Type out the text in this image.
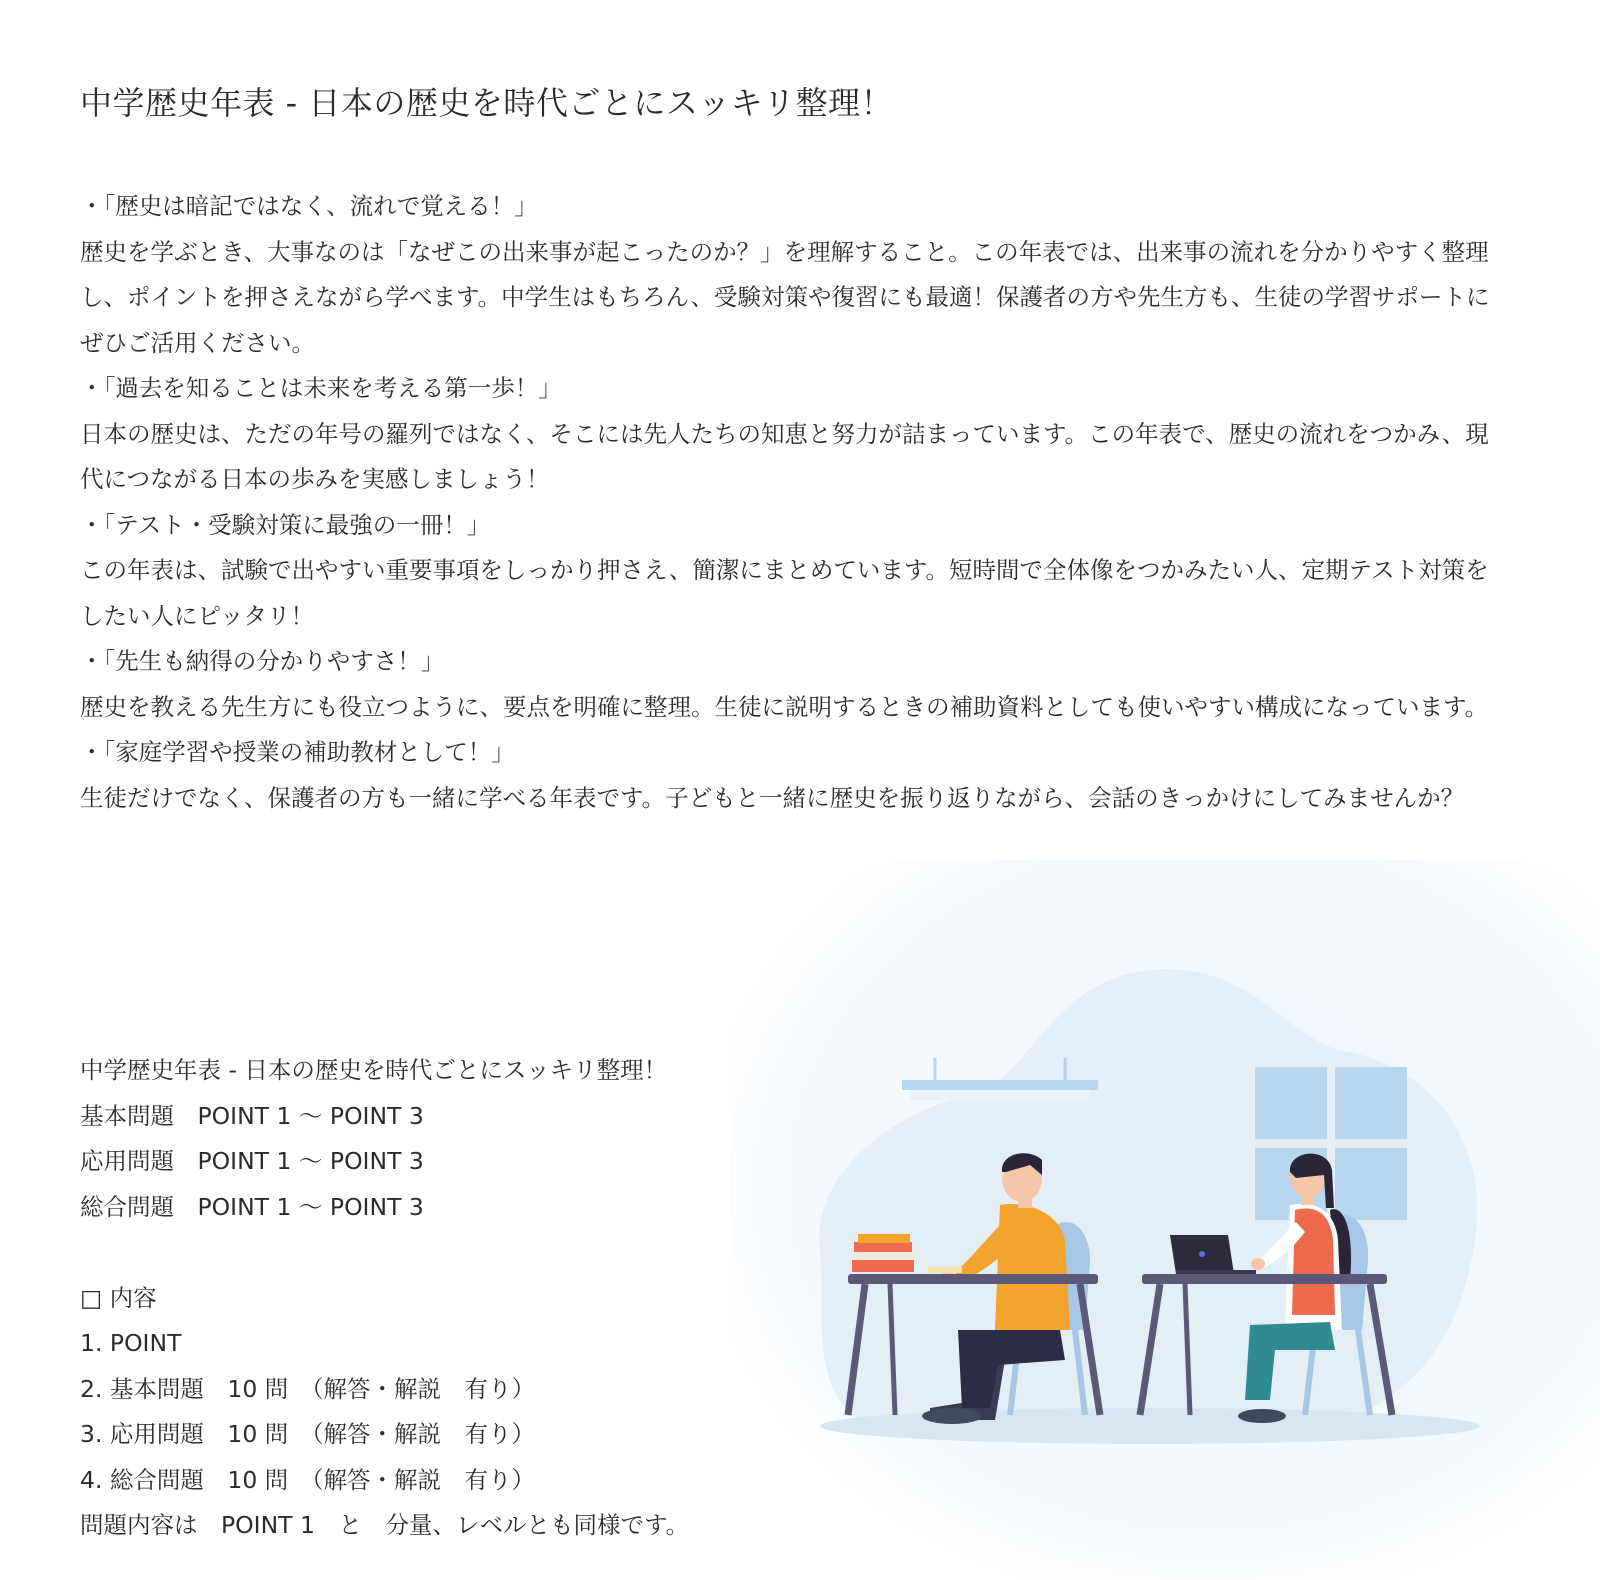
中学歴史年表 - 日本の歴史を時代ごとにスッキリ整理！

・「歴史は暗記ではなく、流れで覚える！」

歴史を学ぶとき、大事なのは「なぜこの出来事が起こったのか？」を理解すること。この年表では、出来事の流れを分かりやすく整理し、ポイントを押さえながら学べます。中学生はもちろん、受験対策や復習にも最適！保護者の方や先生方も、生徒の学習サポートにぜひご活用ください。

・「過去を知ることは未来を考える第一歩！」

日本の歴史は、ただの年号の羅列ではなく、そこには先人たちの知恵と努力が詰まっています。この年表で、歴史の流れをつかみ、現代につながる日本の歩みを実感しましょう！

・「テスト・受験対策に最強の一冊！」

この年表は、試験で出やすい重要事項をしっかり押さえ、簡潔にまとめています。短時間で全体像をつかみたい人、定期テスト対策をしたい人にピッタリ！

・「先生も納得の分かりやすさ！」

歴史を教える先生方にも役立つように、要点を明確に整理。生徒に説明するときの補助資料としても使いやすい構成になっています。

・「家庭学習や授業の補助教材として！」

生徒だけでなく、保護者の方も一緒に学べる年表です。子どもと一緒に歴史を振り返りながら、会話のきっかけにしてみませんか？

中学歴史年表 - 日本の歴史を時代ごとにスッキリ整理！
基本問題　POINT 1 〜 POINT 3
応用問題　POINT 1 〜 POINT 3
総合問題　POINT 1 〜 POINT 3
□ 内容
1. POINT
2. 基本問題　10 問　（解答・解説　有り）
3. 応用問題　10 問　（解答・解説　有り）
4. 総合問題　10 問　（解答・解説　有り）
問題内容は　POINT 1　と　分量、レベルとも同様です。
